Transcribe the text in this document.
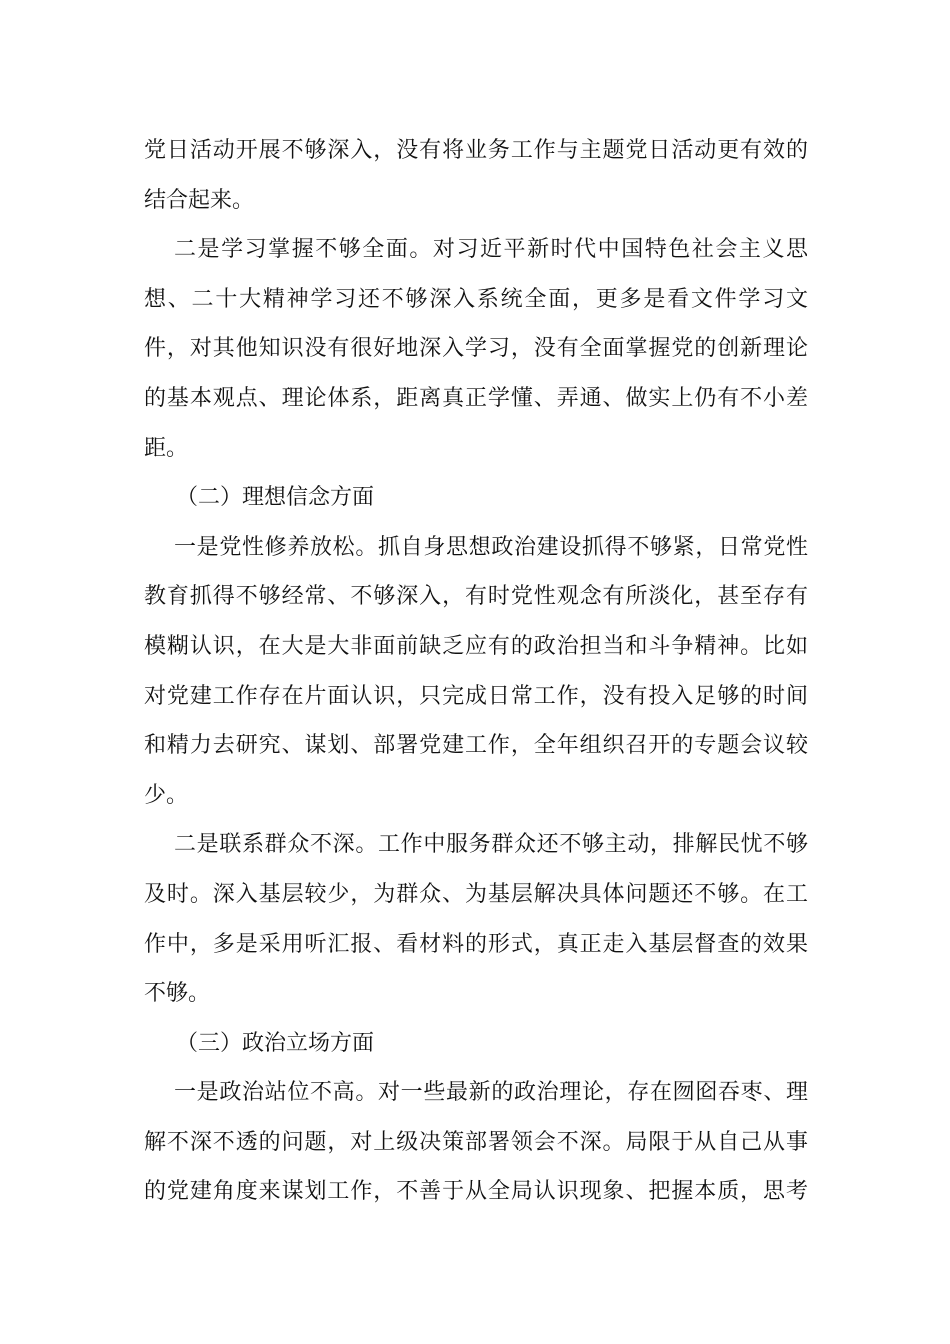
党日活动开展不够深入，没有将业务工作与主题党日活动更有效的
结合起来。
二是学习掌握不够全面。对习近平新时代中国特色社会主义思
想、二十大精神学习还不够深入系统全面，更多是看文件学习文
件，对其他知识没有很好地深入学习，没有全面掌握党的创新理论
的基本观点、理论体系，距离真正学懂、弄通、做实上仍有不小差
距。
（二）理想信念方面
一是党性修养放松。抓自身思想政治建设抓得不够紧，日常党性
教育抓得不够经常、不够深入，有时党性观念有所淡化，甚至存有
模糊认识，在大是大非面前缺乏应有的政治担当和斗争精神。比如
对党建工作存在片面认识，只完成日常工作，没有投入足够的时间
和精力去研究、谋划、部署党建工作，全年组织召开的专题会议较
少。
二是联系群众不深。工作中服务群众还不够主动，排解民忧不够
及时。深入基层较少，为群众、为基层解决具体问题还不够。在工
作中，多是采用听汇报、看材料的形式，真正走入基层督查的效果
不够。
（三）政治立场方面
一是政治站位不高。对一些最新的政治理论，存在囫囵吞枣、理
解不深不透的问题，对上级决策部署领会不深。局限于从自己从事
的党建角度来谋划工作，不善于从全局认识现象、把握本质，思考
